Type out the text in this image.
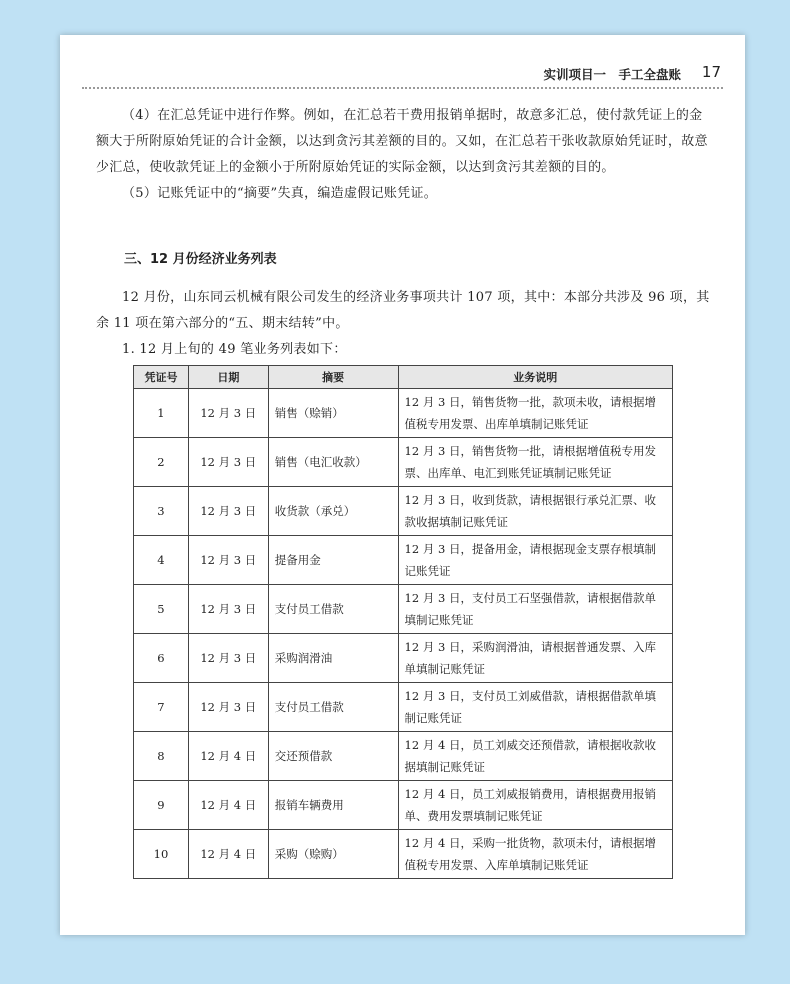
实训项目一　手工全盘账 17

（4）在汇总凭证中进行作弊。例如，在汇总若干费用报销单据时，故意多汇总，使付款凭证上的金额大于所附原始凭证的合计金额，以达到贪污其差额的目的。又如，在汇总若干张收款原始凭证时，故意少汇总，使收款凭证上的金额小于所附原始凭证的实际金额，以达到贪污其差额的目的。

（5）记账凭证中的“摘要”失真，编造虚假记账凭证。

三、12 月份经济业务列表

12 月份，山东同云机械有限公司发生的经济业务事项共计 107 项，其中：本部分共涉及 96 项，其余 11 项在第六部分的“五、期末结转”中。

1. 12 月上旬的 49 笔业务列表如下：

凭证号	日期	摘要	业务说明
1	12 月 3 日	销售（赊销）	12 月 3 日，销售货物一批，款项未收，请根据增值税专用发票、出库单填制记账凭证
2	12 月 3 日	销售（电汇收款）	12 月 3 日，销售货物一批，请根据增值税专用发票、出库单、电汇到账凭证填制记账凭证
3	12 月 3 日	收货款（承兑）	12 月 3 日，收到货款，请根据银行承兑汇票、收款收据填制记账凭证
4	12 月 3 日	提备用金	12 月 3 日，提备用金，请根据现金支票存根填制记账凭证
5	12 月 3 日	支付员工借款	12 月 3 日，支付员工石坚强借款，请根据借款单填制记账凭证
6	12 月 3 日	采购润滑油	12 月 3 日，采购润滑油，请根据普通发票、入库单填制记账凭证
7	12 月 3 日	支付员工借款	12 月 3 日，支付员工刘威借款，请根据借款单填制记账凭证
8	12 月 4 日	交还预借款	12 月 4 日，员工刘威交还预借款，请根据收款收据填制记账凭证
9	12 月 4 日	报销车辆费用	12 月 4 日，员工刘威报销费用，请根据费用报销单、费用发票填制记账凭证
10	12 月 4 日	采购（赊购）	12 月 4 日，采购一批货物，款项未付，请根据增值税专用发票、入库单填制记账凭证
